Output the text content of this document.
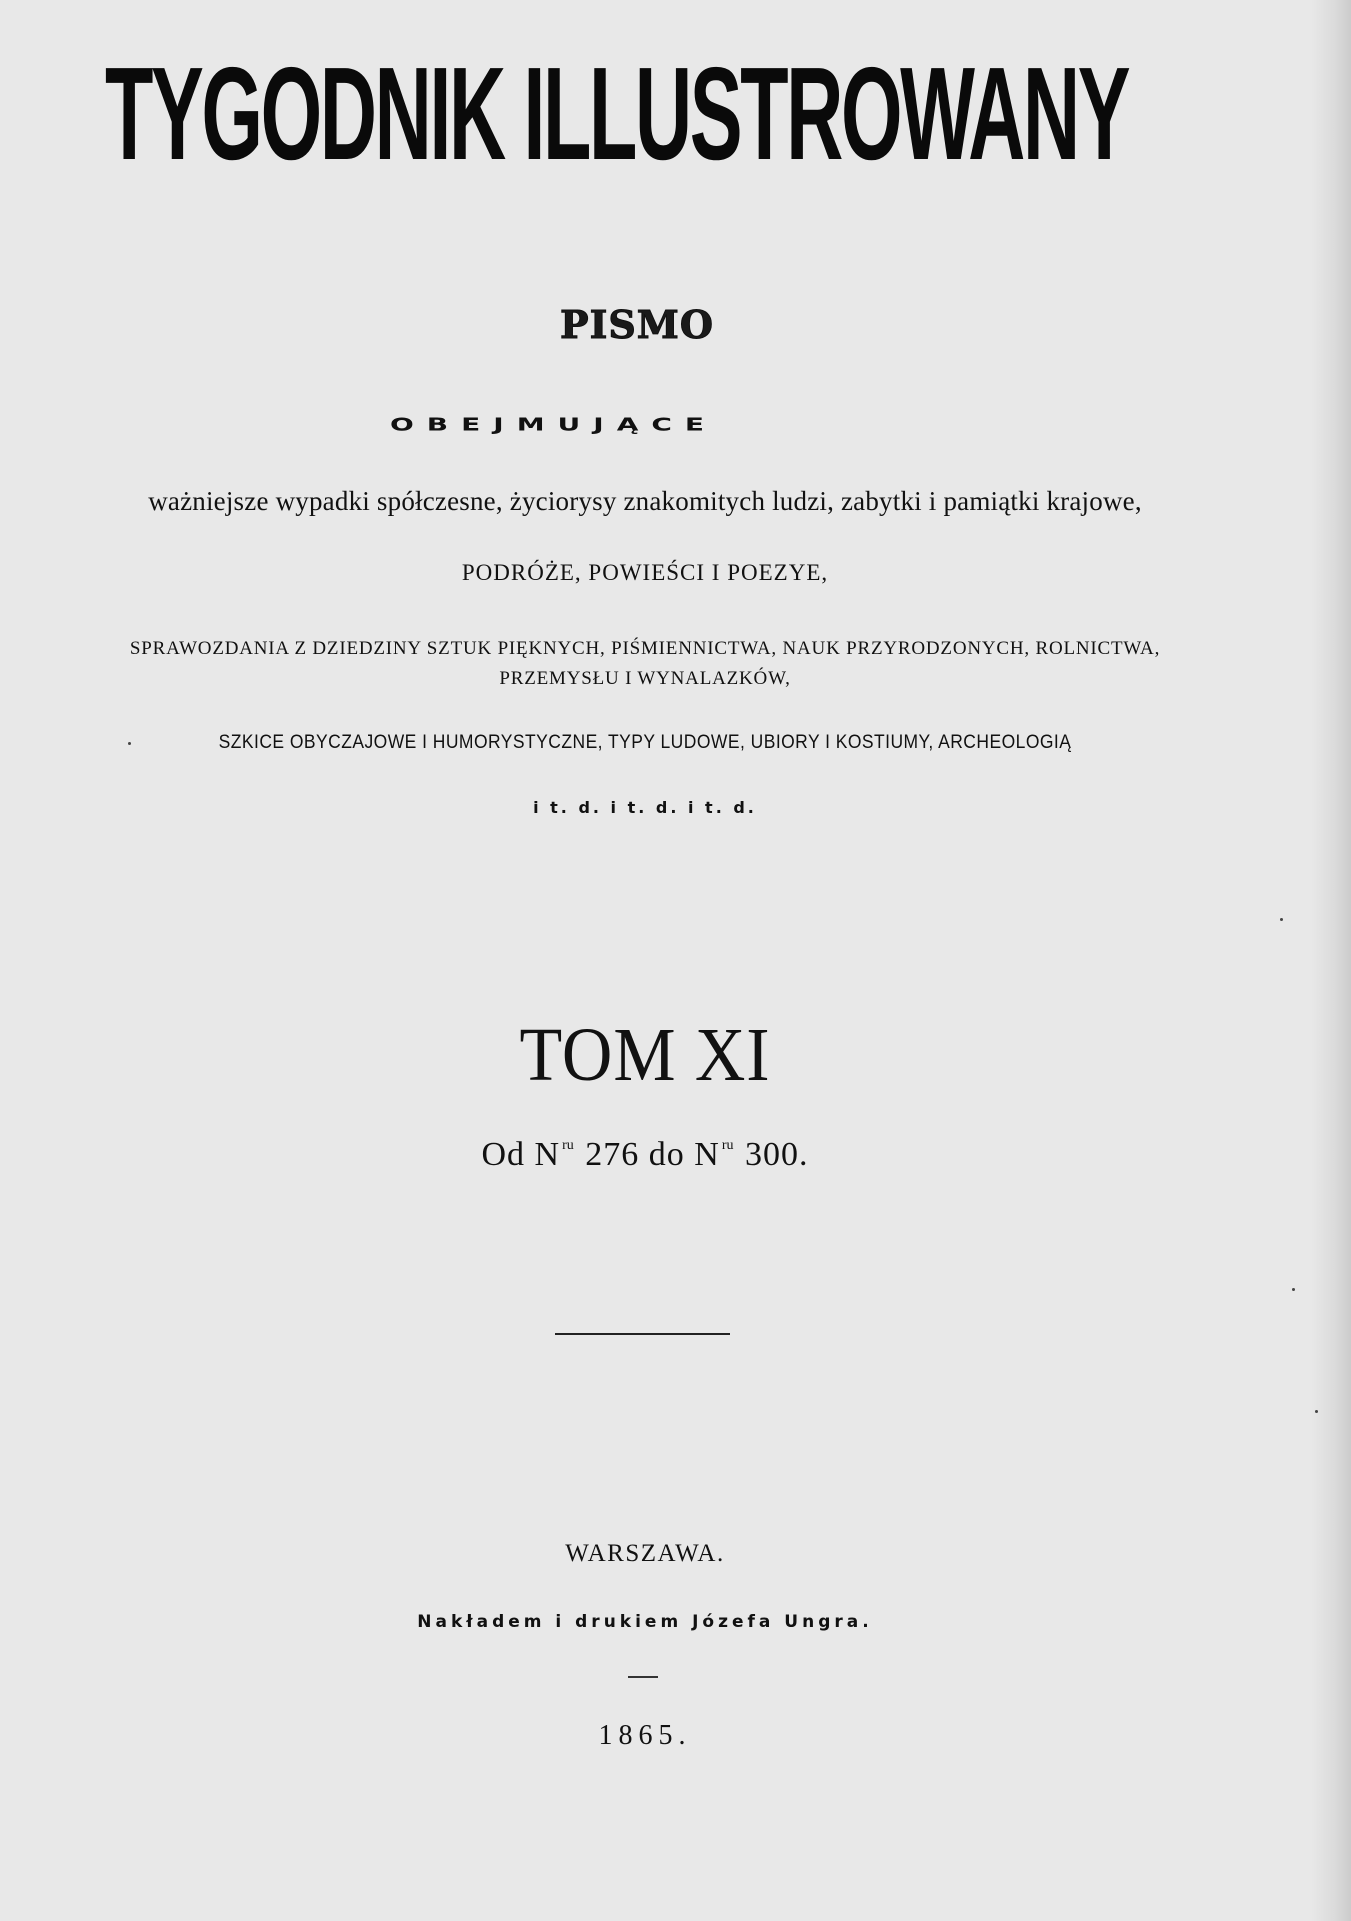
TYGODNIK ILLUSTROWANY
PISMO
OBEJMUJĄCE
ważniejsze wypadki spółczesne, życiorysy znakomitych ludzi, zabytki i pamiątki krajowe,
PODRÓŻE, POWIEŚCI I POEZYE,
SPRAWOZDANIA Z DZIEDZINY SZTUK PIĘKNYCH, PIŚMIENNICTWA, NAUK PRZYRODZONYCH, ROLNICTWA,
PRZEMYSŁU I WYNALAZKÓW,
SZKICE OBYCZAJOWE I HUMORYSTYCZNE, TYPY LUDOWE, UBIORY I KOSTIUMY, ARCHEOLOGIĄ
i t. d. i t. d. i t. d.
TOM XI
Od N $^{ru}$ 276 do N $^{ru}$ 300.
WARSZAWA.
Nakładem i drukiem Józefa Ungra.
1865.
